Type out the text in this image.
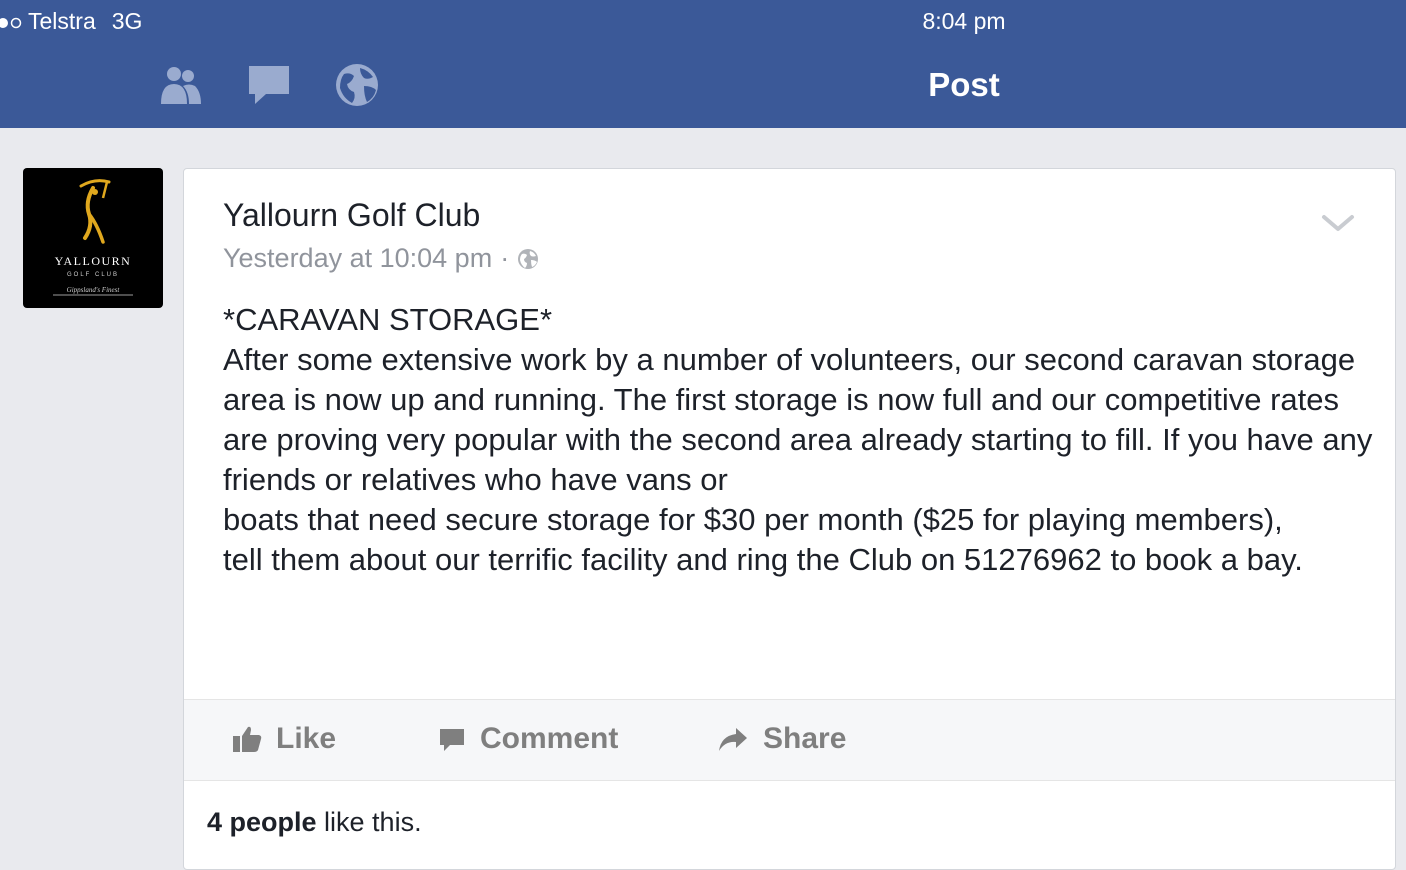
Telstra 3G	8:04 pm
Post
YALLOURN
GOLF CLUB
Gippsland's Finest
Yallourn Golf Club
Yesterday at 10:04 pm ·

*CARAVAN STORAGE*

After some extensive work by a number of volunteers, our second caravan storage area is now up and running. The first storage is now full and our competitive rates are proving very popular with the second area already starting to fill. If you have any friends or relatives who have vans or

boats that need secure storage for $30 per month ($25 for playing members),

tell them about our terrific facility and ring the Club on 51276962 to book a bay.

Like	Comment	Share
4 people like this.
